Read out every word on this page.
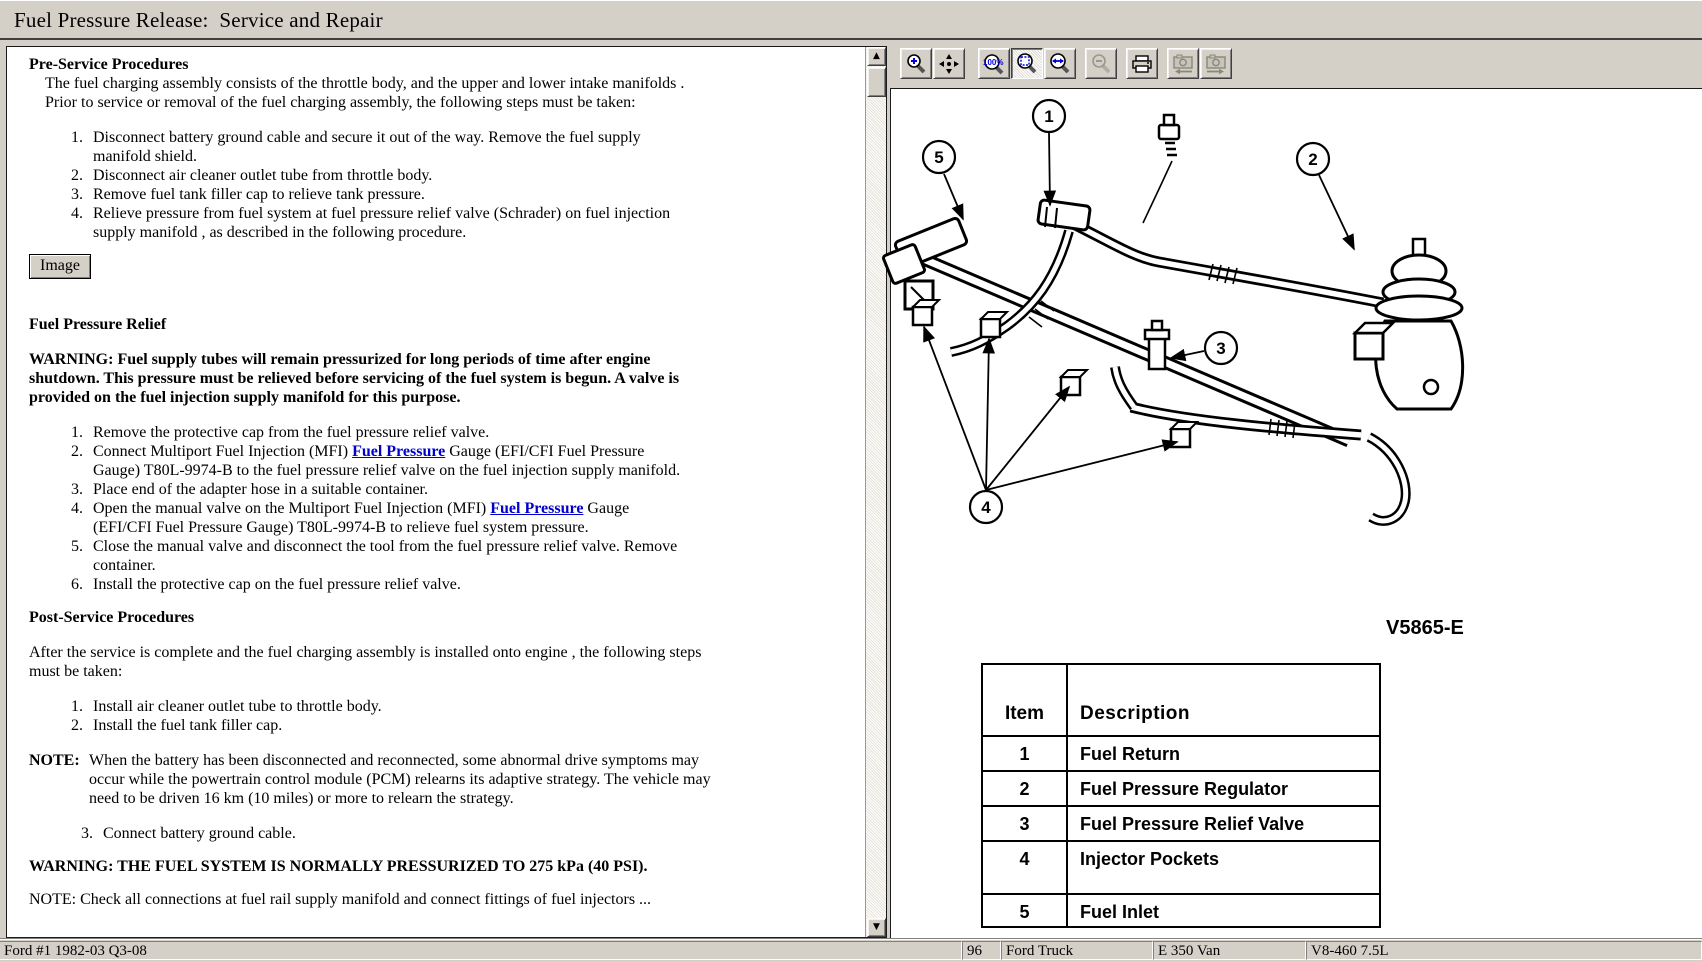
Fuel Pressure Release:  Service and Repair
Pre-Service Procedures
The fuel charging assembly consists of the throttle body, and the upper and lower intake manifolds .
Prior to service or removal of the fuel charging assembly, the following steps must be taken:
1. Disconnect battery ground cable and secure it out of the way. Remove the fuel supply manifold shield.
2. Disconnect air cleaner outlet tube from throttle body.
3. Remove fuel tank filler cap to relieve tank pressure.
4. Relieve pressure from fuel system at fuel pressure relief valve (Schrader) on fuel injection supply manifold , as described in the following procedure.
Image
Fuel Pressure Relief
WARNING: Fuel supply tubes will remain pressurized for long periods of time after engine shutdown. This pressure must be relieved before servicing of the fuel system is begun. A valve is provided on the fuel injection supply manifold for this purpose.
1. Remove the protective cap from the fuel pressure relief valve.
2. Connect Multiport Fuel Injection (MFI) Fuel Pressure Gauge (EFI/CFI Fuel Pressure Gauge) T80L-9974-B to the fuel pressure relief valve on the fuel injection supply manifold.
3. Place end of the adapter hose in a suitable container.
4. Open the manual valve on the Multiport Fuel Injection (MFI) Fuel Pressure Gauge (EFI/CFI Fuel Pressure Gauge) T80L-9974-B to relieve fuel system pressure.
5. Close the manual valve and disconnect the tool from the fuel pressure relief valve. Remove container.
6. Install the protective cap on the fuel pressure relief valve.
Post-Service Procedures
After the service is complete and the fuel charging assembly is installed onto engine , the following steps must be taken:
1. Install air cleaner outlet tube to throttle body.
2. Install the fuel tank filler cap.
NOTE: When the battery has been disconnected and reconnected, some abnormal drive symptoms may occur while the powertrain control module (PCM) relearns its adaptive strategy. The vehicle may need to be driven 16 km (10 miles) or more to relearn the strategy.
3. Connect battery ground cable.
WARNING: THE FUEL SYSTEM IS NORMALLY PRESSURIZED TO 275 kPa (40 PSI).
NOTE: Check all connections at fuel rail supply manifold and connect fittings of fuel injectors ...
▲
▼
100%
1
2
3
4
5
V5865-E
Item	Description
1	Fuel Return
2	Fuel Pressure Regulator
3	Fuel Pressure Relief Valve
4	Injector Pockets
5	Fuel Inlet
Ford #1 1982-03 Q3-08	96	Ford Truck	E 350 Van	V8-460 7.5L
